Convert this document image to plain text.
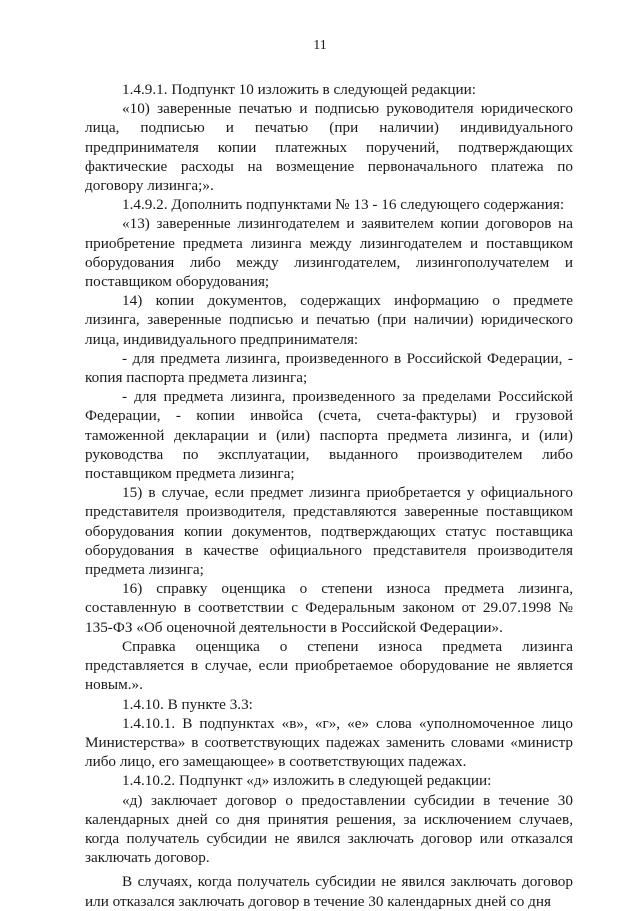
11

1.4.9.1. Подпункт 10 изложить в следующей редакции:

«10) заверенные печатью и подписью руководителя юридического лица, подписью и печатью (при наличии) индивидуального предпринимателя копии платежных поручений, подтверждающих фактические расходы на возмещение первоначального платежа по договору лизинга;».

1.4.9.2. Дополнить подпунктами № 13 - 16 следующего содержания:

«13) заверенные лизингодателем и заявителем копии договоров на приобретение предмета лизинга между лизингодателем и поставщиком оборудования либо между лизингодателем, лизингополучателем и поставщиком оборудования;

14) копии документов, содержащих информацию о предмете лизинга, заверенные подписью и печатью (при наличии) юридического лица, индивидуального предпринимателя:

- для предмета лизинга, произведенного в Российской Федерации, - копия паспорта предмета лизинга;

- для предмета лизинга, произведенного за пределами Российской Федерации, - копии инвойса (счета, счета-фактуры) и грузовой таможенной декларации и (или) паспорта предмета лизинга, и (или) руководства по эксплуатации, выданного производителем либо поставщиком предмета лизинга;

15) в случае, если предмет лизинга приобретается у официального представителя производителя, представляются заверенные поставщиком оборудования копии документов, подтверждающих статус поставщика оборудования в качестве официального представителя производителя предмета лизинга;

16) справку оценщика о степени износа предмета лизинга, составленную в соответствии с Федеральным законом от 29.07.1998 № 135-ФЗ «Об оценочной деятельности в Российской Федерации».

Справка оценщика о степени износа предмета лизинга представляется в случае, если приобретаемое оборудование не является новым.».

1.4.10. В пункте 3.3:

1.4.10.1. В подпунктах «в», «г», «е» слова «уполномоченное лицо Министерства» в соответствующих падежах заменить словами «министр либо лицо, его замещающее» в соответствующих падежах.

1.4.10.2. Подпункт «д» изложить в следующей редакции:

«д) заключает договор о предоставлении субсидии в течение 30 календарных дней со дня принятия решения, за исключением случаев, когда получатель субсидии не явился заключать договор или отказался заключать договор.

В случаях, когда получатель субсидии не явился заключать договор или отказался заключать договор в течение 30 календарных дней со дня
